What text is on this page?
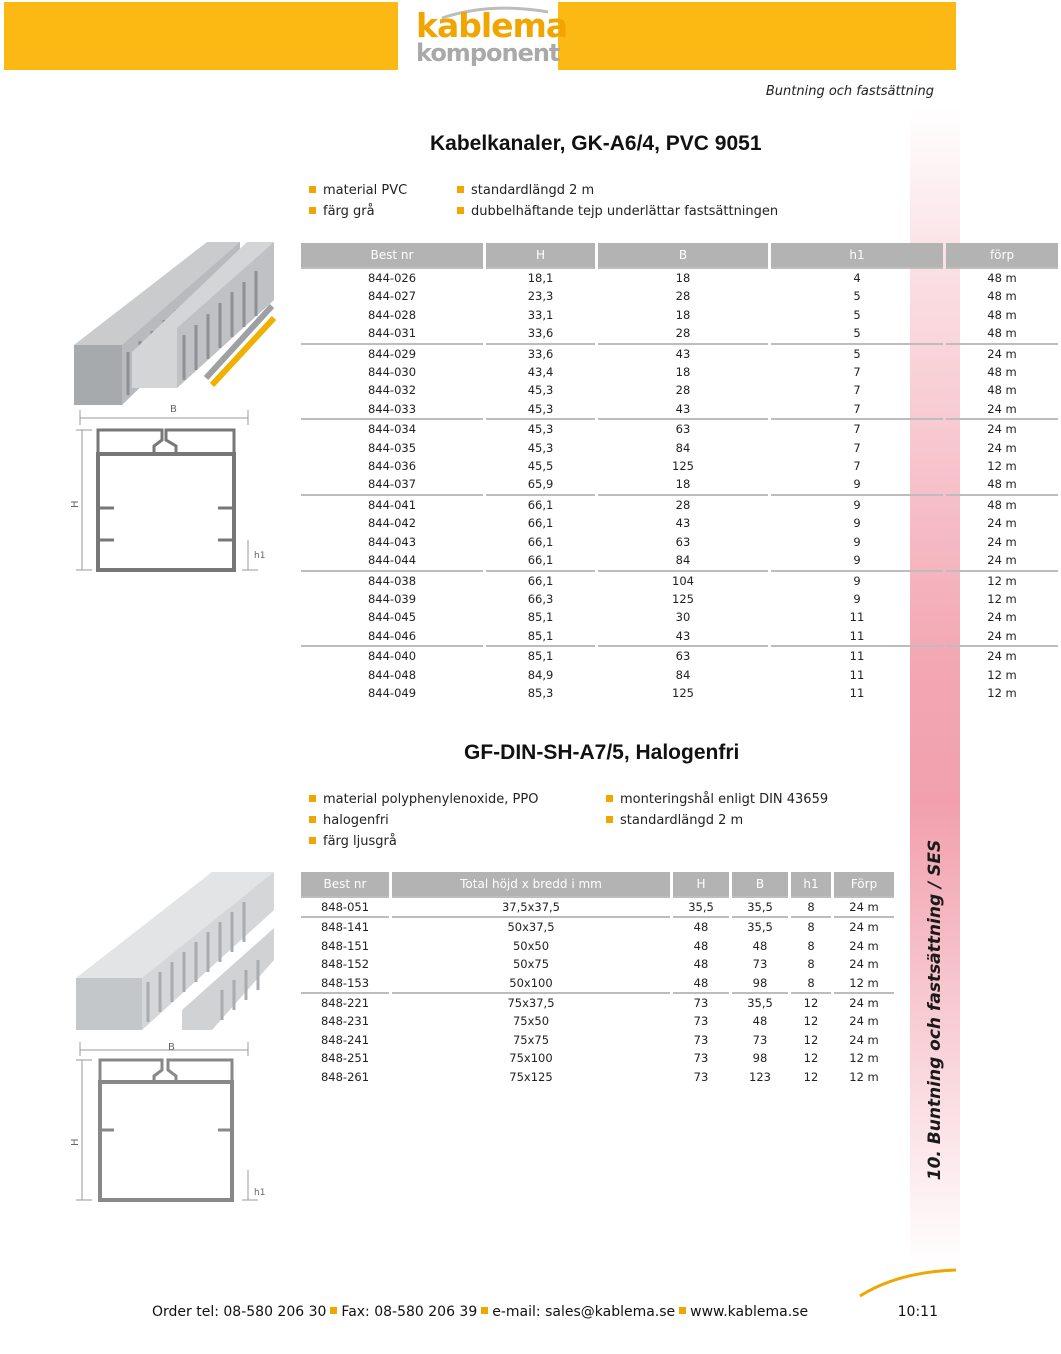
kablema
komponent
Buntning och fastsättning
10. Buntning och fastsättning / SES
Kabelkanaler, GK-A6/4, PVC 9051
material PVC
färg grå
standardlängd 2 m
dubbelhäftande tejp underlättar fastsättningen
B
H
h1
Best nr	H	B	h1	förp
844-026	18,1	18	4	48 m
844-027	23,3	28	5	48 m
844-028	33,1	18	5	48 m
844-031	33,6	28	5	48 m
844-029	33,6	43	5	24 m
844-030	43,4	18	7	48 m
844-032	45,3	28	7	48 m
844-033	45,3	43	7	24 m
844-034	45,3	63	7	24 m
844-035	45,3	84	7	24 m
844-036	45,5	125	7	12 m
844-037	65,9	18	9	48 m
844-041	66,1	28	9	48 m
844-042	66,1	43	9	24 m
844-043	66,1	63	9	24 m
844-044	66,1	84	9	24 m
844-038	66,1	104	9	12 m
844-039	66,3	125	9	12 m
844-045	85,1	30	11	24 m
844-046	85,1	43	11	24 m
844-040	85,1	63	11	24 m
844-048	84,9	84	11	12 m
844-049	85,3	125	11	12 m
GF-DIN-SH-A7/5, Halogenfri
material polyphenylenoxide, PPO
halogenfri
färg ljusgrå
monteringshål enligt DIN 43659
standardlängd 2 m
B
H
h1
Best nr	Total höjd x bredd i mm	H	B	h1	Förp
848-051	37,5x37,5	35,5	35,5	8	24 m
848-141	50x37,5	48	35,5	8	24 m
848-151	50x50	48	48	8	24 m
848-152	50x75	48	73	8	24 m
848-153	50x100	48	98	8	12 m
848-221	75x37,5	73	35,5	12	24 m
848-231	75x50	73	48	12	24 m
848-241	75x75	73	73	12	24 m
848-251	75x100	73	98	12	12 m
848-261	75x125	73	123	12	12 m
Order tel: 08-580 206 30 Fax: 08-580 206 39 e-mail: sales@kablema.se www.kablema.se	10:11
